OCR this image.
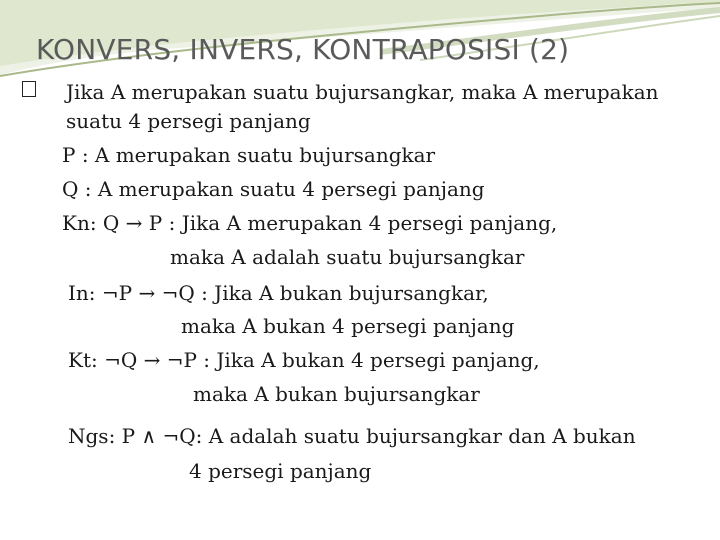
KONVERS, INVERS, KONTRAPOSISI (2)
Jika A merupakan suatu bujursangkar, maka A merupakan
suatu 4 persegi panjang
P : A merupakan suatu bujursangkar
Q : A merupakan suatu 4 persegi panjang
Kn: Q → P : Jika A merupakan 4 persegi panjang,
maka A adalah suatu bujursangkar
In: ¬P → ¬Q : Jika A bukan bujursangkar,
maka A bukan 4 persegi panjang
Kt: ¬Q → ¬P : Jika A bukan 4 persegi panjang,
maka A bukan bujursangkar
Ngs: P ∧ ¬Q: A adalah suatu bujursangkar dan A bukan
4 persegi panjang
